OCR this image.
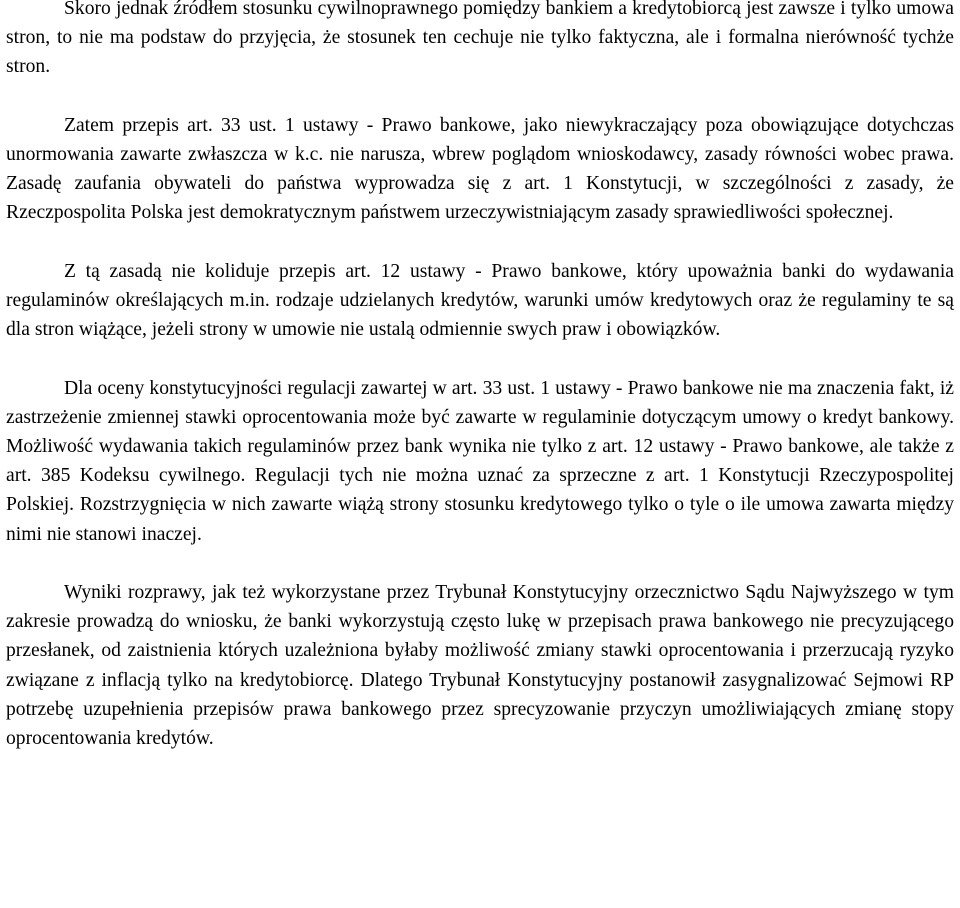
Skoro jednak źródłem stosunku cywilnoprawnego pomiędzy bankiem a kredytobiorcą jest zawsze i tylko umowa stron, to nie ma podstaw do przyjęcia, że stosunek ten cechuje nie tylko faktyczna, ale i formalna nierówność tychże stron.

Zatem przepis art. 33 ust. 1 ustawy - Prawo bankowe, jako niewykraczający poza obowiązujące dotychczas unormowania zawarte zwłaszcza w k.c. nie narusza, wbrew poglądom wnioskodawcy, zasady równości wobec prawa. Zasadę zaufania obywateli do państwa wyprowadza się z art. 1 Konstytucji, w szczególności z zasady, że Rzeczpospolita Polska jest demokratycznym państwem urzeczywistniającym zasady sprawiedliwości społecznej.

Z tą zasadą nie koliduje przepis art. 12 ustawy - Prawo bankowe, który upoważnia banki do wydawania regulaminów określających m.in. rodzaje udzielanych kredytów, warunki umów kredytowych oraz że regulaminy te są dla stron wiążące, jeżeli strony w umowie nie ustalą odmiennie swych praw i obowiązków.

Dla oceny konstytucyjności regulacji zawartej w art. 33 ust. 1 ustawy - Prawo bankowe nie ma znaczenia fakt, iż zastrzeżenie zmiennej stawki oprocentowania może być zawarte w regulaminie dotyczącym umowy o kredyt bankowy. Możliwość wydawania takich regulaminów przez bank wynika nie tylko z art. 12 ustawy - Prawo bankowe, ale także z art. 385 Kodeksu cywilnego. Regulacji tych nie można uznać za sprzeczne z art. 1 Konstytucji Rzeczypospolitej Polskiej. Rozstrzygnięcia w nich zawarte wiążą strony stosunku kredytowego tylko o tyle o ile umowa zawarta między nimi nie stanowi inaczej.

Wyniki rozprawy, jak też wykorzystane przez Trybunał Konstytucyjny orzecznictwo Sądu Najwyższego w tym zakresie prowadzą do wniosku, że banki wykorzystują często lukę w przepisach prawa bankowego nie precyzującego przesłanek, od zaistnienia których uzależniona byłaby możliwość zmiany stawki oprocentowania i przerzucają ryzyko związane z inflacją tylko na kredytobiorcę. Dlatego Trybunał Konstytucyjny postanowił zasygnalizować Sejmowi RP potrzebę uzupełnienia przepisów prawa bankowego przez sprecyzowanie przyczyn umożliwiających zmianę stopy oprocentowania kredytów.
